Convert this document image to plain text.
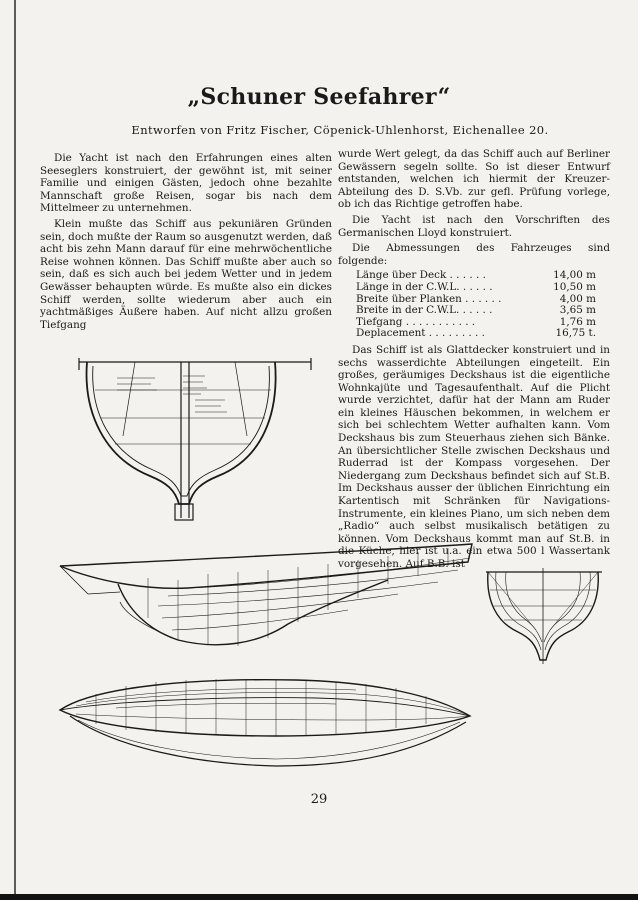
„Schuner Seefahrer“
Entworfen von Fritz Fischer, Cöpenick-Uhlenhorst, Eichenallee 20.

Die Yacht ist nach den Erfahrungen eines alten Seeseglers konstruiert, der gewöhnt ist, mit seiner Familie und einigen Gästen, jedoch ohne bezahlte Mannschaft große Reisen, sogar bis nach dem Mittelmeer zu unternehmen.

Klein mußte das Schiff aus pekuniären Gründen sein, doch mußte der Raum so ausgenutzt werden, daß acht bis zehn Mann darauf für eine mehrwöchentliche Reise wohnen können. Das Schiff mußte aber auch so sein, daß es sich auch bei jedem Wetter und in jedem Gewässer behaupten würde. Es mußte also ein dickes Schiff werden, sollte wiederum aber auch ein yachtmäßiges Äußere haben. Auf nicht allzu großen Tiefgang

wurde Wert gelegt, da das Schiff auch auf Berliner Gewässern segeln sollte. So ist dieser Entwurf entstanden, welchen ich hiermit der Kreuzer-Abteilung des D. S.Vb. zur gefl. Prüfung vorlege, ob ich das Richtige getroffen habe.

Die Yacht ist nach den Vorschriften des Germanischen Lloyd konstruiert.

Die Abmessungen des Fahrzeuges sind folgende:

Länge über Deck . . . . . .	14,00 m
Länge in der C.W.L. . . . . .	10,50 m
Breite über Planken . . . . . .	4,00 m
Breite in der C.W.L. . . . . .	3,65 m
Tiefgang . . . . . . . . . . .	1,76 m
Deplacement . . . . . . . . .	16,75 t.

Das Schiff ist als Glattdecker konstruiert und in sechs wasserdichte Abteilungen eingeteilt. Ein großes, geräumiges Deckshaus ist die eigentliche Wohnkajüte und Tagesaufenthalt. Auf die Plicht wurde verzichtet, dafür hat der Mann am Ruder ein kleines Häuschen bekommen, in welchem er sich bei schlechtem Wetter aufhalten kann. Vom Deckshaus bis zum Steuerhaus ziehen sich Bänke. An übersichtlicher Stelle zwischen Deckshaus und Ruderrad ist der Kompass vorgesehen. Der Niedergang zum Deckshaus befindet sich auf St.B. Im Deckshaus ausser der üblichen Einrichtung ein Kartentisch mit Schränken für Navigations-Instrumente, ein kleines Piano, um sich neben dem „Radio“ auch selbst musikalisch betätigen zu können. Vom Deckshaus kommt man auf St.B. in die Küche, hier ist u.a. ein etwa 500 l Wassertank vorgesehen. Auf B.B. ist

29
